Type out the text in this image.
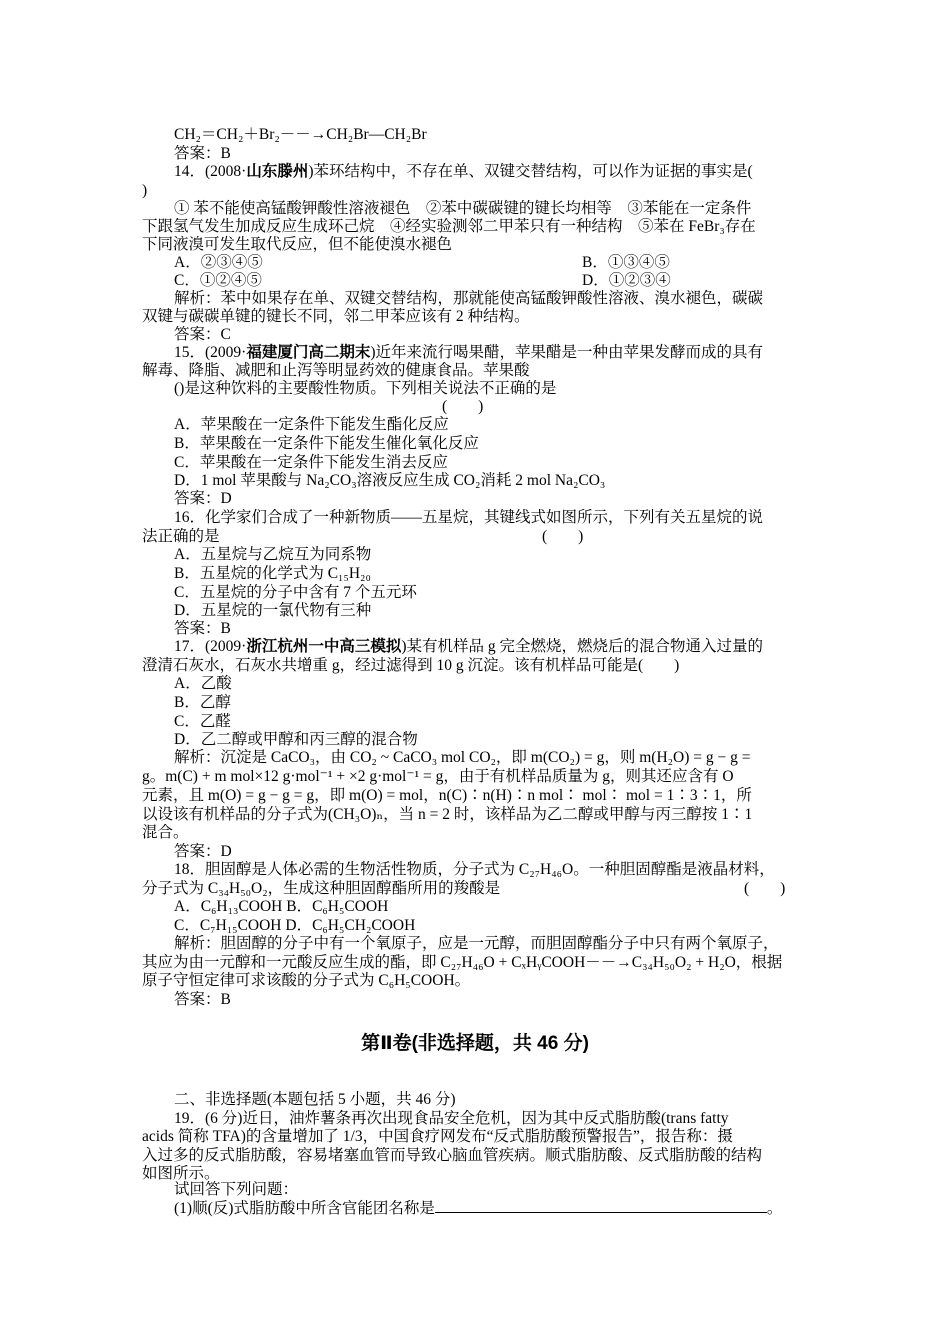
CH₂＝CH₂＋Br₂－－→CH₂Br—CH₂Br
答案：B
14．(2008·山东滕州)苯环结构中，不存在单、双键交替结构，可以作为证据的事实是(
)
① 苯不能使高锰酸钾酸性溶液褪色　②苯中碳碳键的键长均相等　③苯能在一定条件
下跟氢气发生加成反应生成环己烷　④经实验测邻二甲苯只有一种结构　⑤苯在 FeBr₃存在
下同液溴可发生取代反应，但不能使溴水褪色
A．②③④⑤	B．①③④⑤
C．①②④⑤	D．①②③④
解析：苯中如果存在单、双键交替结构，那就能使高锰酸钾酸性溶液、溴水褪色，碳碳
双键与碳碳单键的键长不同，邻二甲苯应该有 2 种结构。
答案：C
15．(2009·福建厦门高二期末)近年来流行喝果醋，苹果醋是一种由苹果发酵而成的具有
解毒、降脂、减肥和止泻等明显药效的健康食品。苹果酸
()是这种饮料的主要酸性物质。下列相关说法不正确的是
(　　)
A．苹果酸在一定条件下能发生酯化反应
B．苹果酸在一定条件下能发生催化氧化反应
C．苹果酸在一定条件下能发生消去反应
D．1 mol 苹果酸与 Na₂CO₃溶液反应生成 CO₂消耗 2 mol Na₂CO₃
答案：D
16．化学家们合成了一种新物质——五星烷，其键线式如图所示，下列有关五星烷的说
法正确的是	(　　)
A．五星烷与乙烷互为同系物
B．五星烷的化学式为 C₁₅H₂₀
C．五星烷的分子中含有 7 个五元环
D．五星烷的一氯代物有三种
答案：B
17．(2009·浙江杭州一中高三模拟)某有机样品 g 完全燃烧，燃烧后的混合物通入过量的
澄清石灰水，石灰水共增重 g，经过滤得到 10 g 沉淀。该有机样品可能是(　　)
A．乙酸
B．乙醇
C．乙醛
D．乙二醇或甲醇和丙三醇的混合物
解析：沉淀是 CaCO₃，由 CO₂ ~ CaCO₃ mol CO₂，即 m(CO₂) = g，则 m(H₂O) = g − g =
g。m(C) + m mol×12 g·mol⁻¹ + ×2 g·mol⁻¹ = g，由于有机样品质量为 g，则其还应含有 O
元素，且 m(O) = g − g = g，即 m(O) = mol，n(C)∶n(H)∶n mol∶ mol∶ mol = 1∶3∶1，所
以设该有机样品的分子式为(CH₃O)ₙ，当 n = 2 时，该样品为乙二醇或甲醇与丙三醇按 1∶1
混合。
答案：D
18．胆固醇是人体必需的生物活性物质，分子式为 C₂₇H₄₆O。一种胆固醇酯是液晶材料，
分子式为 C₃₄H₅₀O₂，生成这种胆固醇酯所用的羧酸是	(　　)
A．C₆H₁₃COOH B．C₆H₅COOH
C．C₇H₁₅COOH D．C₆H₅CH₂COOH
解析：胆固醇的分子中有一个氧原子，应是一元醇，而胆固醇酯分子中只有两个氧原子，
其应为由一元醇和一元酸反应生成的酯，即 C₂₇H₄₆O + CₓHᵧCOOH－－→C₃₄H₅₀O₂ + H₂O，根据
原子守恒定律可求该酸的分子式为 C₆H₅COOH。
答案：B
第Ⅱ卷(非选择题，共 46 分)
二、非选择题(本题包括 5 小题，共 46 分)
19．(6 分)近日，油炸薯条再次出现食品安全危机，因为其中反式脂肪酸(trans fatty
acids 简称 TFA)的含量增加了 1/3，中国食疗网发布“反式脂肪酸预警报告”，报告称：摄
入过多的反式脂肪酸，容易堵塞血管而导致心脑血管疾病。顺式脂肪酸、反式脂肪酸的结构
如图所示。
试回答下列问题：
(1)顺(反)式脂肪酸中所含官能团名称是	。
